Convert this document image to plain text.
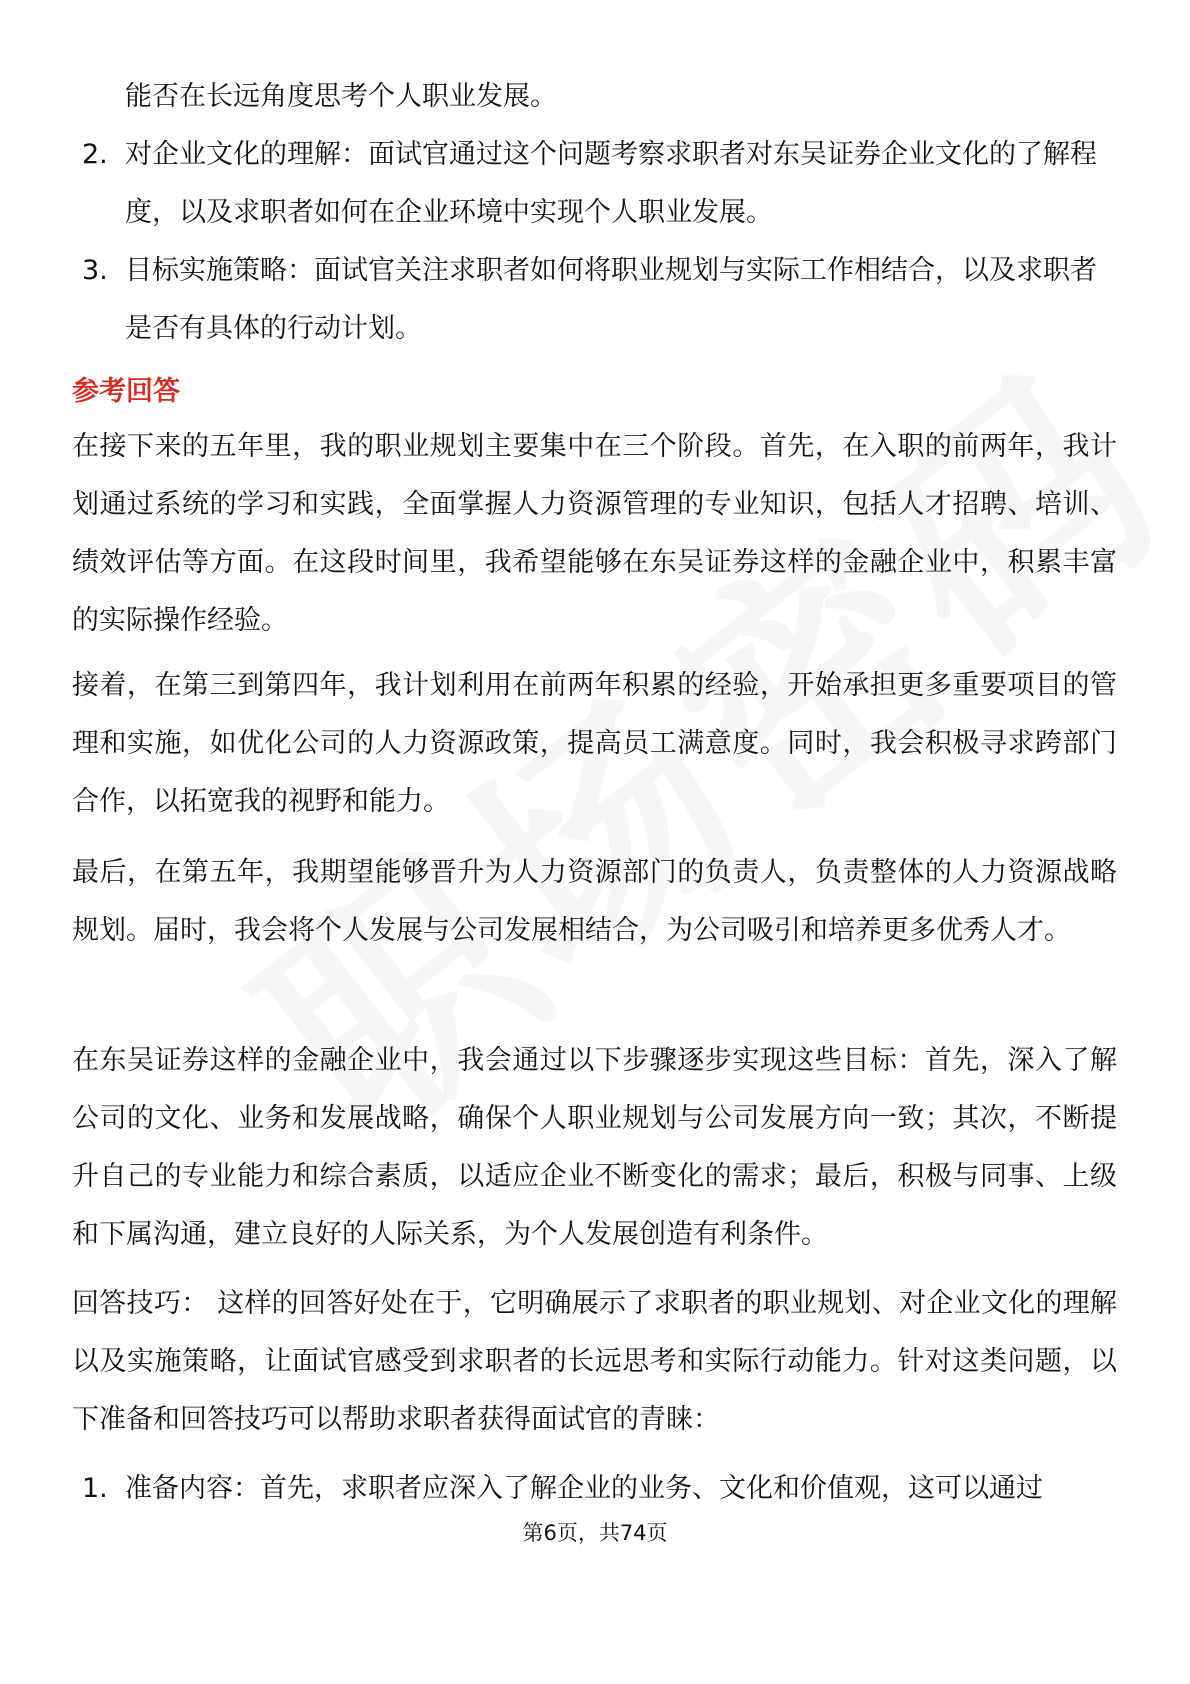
能否在长远角度思考个人职业发展。
2. 对企业文化的理解：面试官通过这个问题考察求职者对东吴证券企业文化的了解程度，以及求职者如何在企业环境中实现个人职业发展。
3. 目标实施策略：面试官关注求职者如何将职业规划与实际工作相结合，以及求职者是否有具体的行动计划。
参考回答

在接下来的五年里，我的职业规划主要集中在三个阶段。首先，在入职的前两年，我计划通过系统的学习和实践，全面掌握人力资源管理的专业知识，包括人才招聘、培训、绩效评估等方面。在这段时间里，我希望能够在东吴证券这样的金融企业中，积累丰富的实际操作经验。

接着，在第三到第四年，我计划利用在前两年积累的经验，开始承担更多重要项目的管理和实施，如优化公司的人力资源政策，提高员工满意度。同时，我会积极寻求跨部门合作，以拓宽我的视野和能力。

最后，在第五年，我期望能够晋升为人力资源部门的负责人，负责整体的人力资源战略规划。届时，我会将个人发展与公司发展相结合，为公司吸引和培养更多优秀人才。

在东吴证券这样的金融企业中，我会通过以下步骤逐步实现这些目标：首先，深入了解公司的文化、业务和发展战略，确保个人职业规划与公司发展方向一致；其次，不断提升自己的专业能力和综合素质，以适应企业不断变化的需求；最后，积极与同事、上级和下属沟通，建立良好的人际关系，为个人发展创造有利条件。

回答技巧： 这样的回答好处在于，它明确展示了求职者的职业规划、对企业文化的理解以及实施策略，让面试官感受到求职者的长远思考和实际行动能力。针对这类问题，以下准备和回答技巧可以帮助求职者获得面试官的青睐：

1. 准备内容：首先，求职者应深入了解企业的业务、文化和价值观，这可以通过
第6页，共74页
